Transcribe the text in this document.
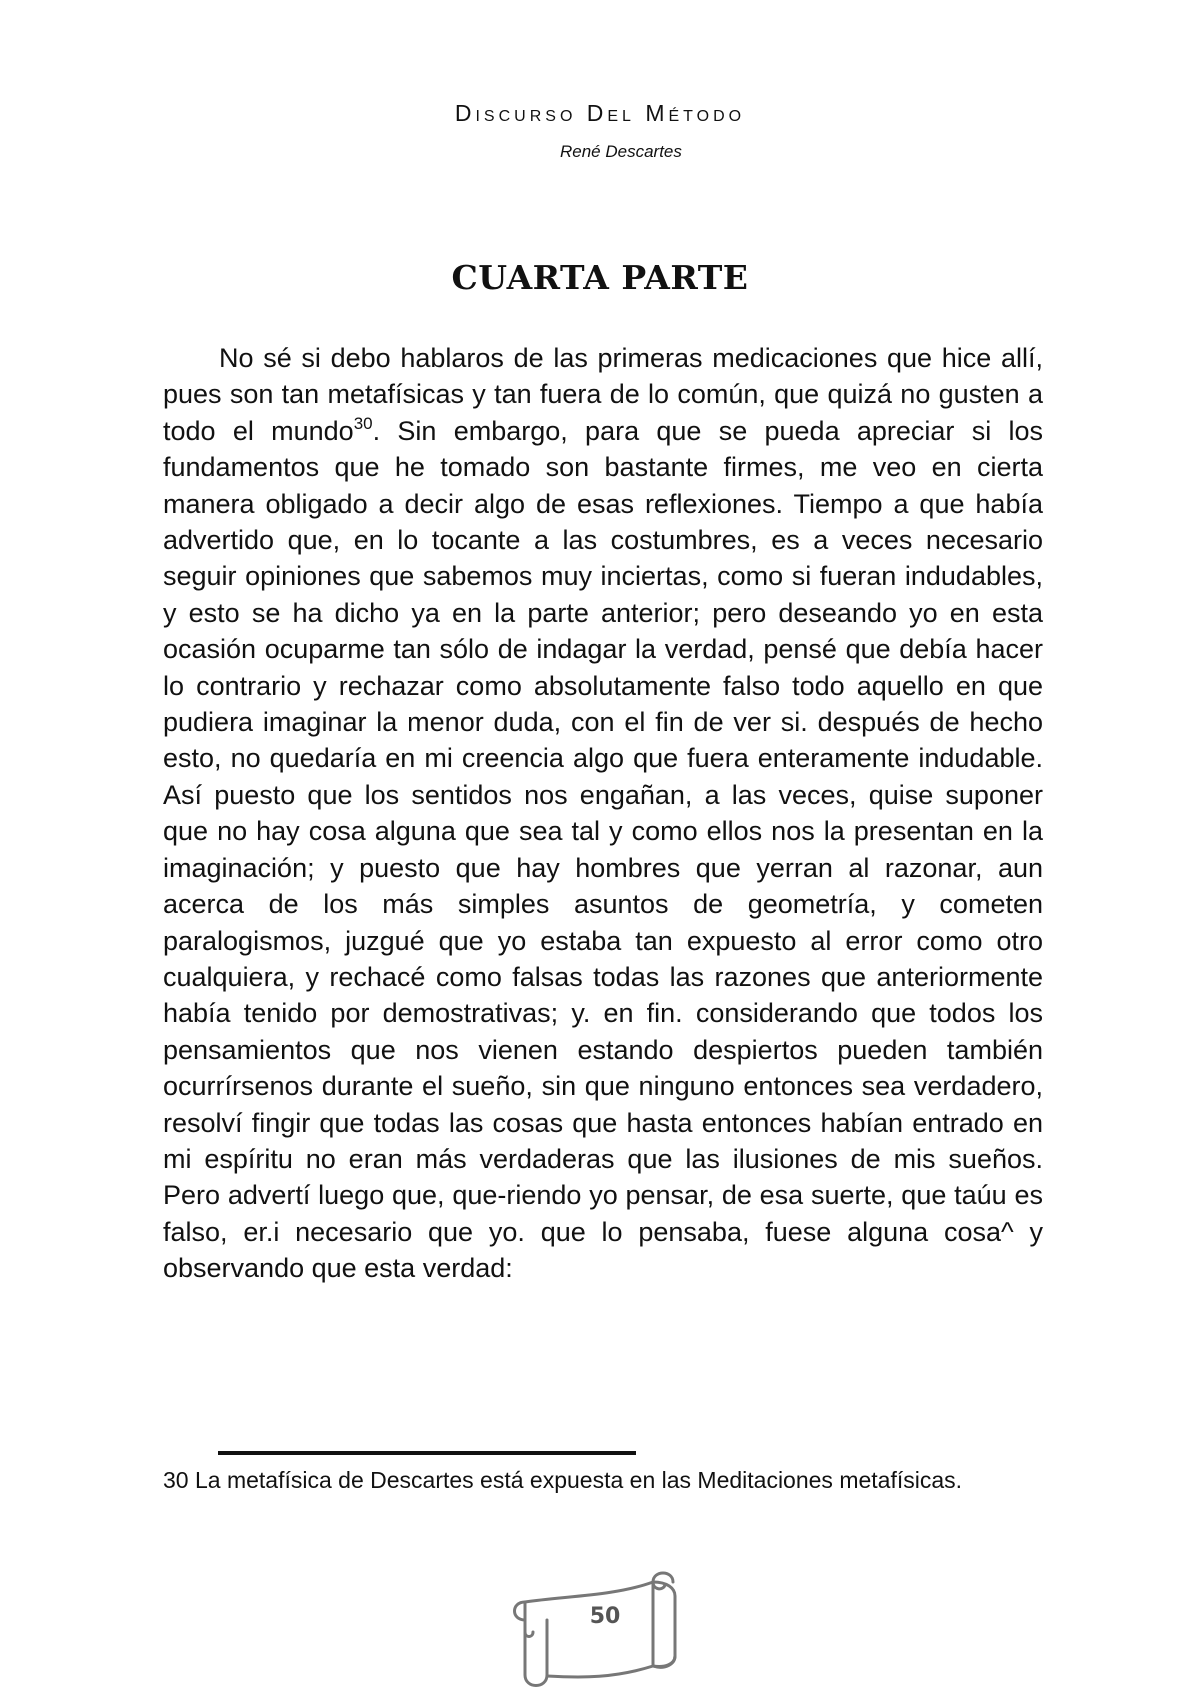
Discurso Del Método
René Descartes
CUARTA PARTE

No sé si debo hablaros de las primeras medicaciones que hice allí, pues son tan metafísicas y tan fuera de lo común, que quizá no gusten a todo el mundo$^{30}$. Sin embargo, para que se pueda apreciar si los fundamentos que he tomado son bastante firmes, me veo en cierta manera obligado a decir algo de esas reflexiones. Tiempo a que había advertido que, en lo tocante a las costumbres, es a veces necesario seguir opiniones que sabemos muy inciertas, como si fueran indudables, y esto se ha dicho ya en la parte anterior; pero deseando yo en esta ocasión ocuparme tan sólo de indagar la verdad, pensé que debía hacer lo contrario y rechazar como absolutamente falso todo aquello en que pudiera imaginar la menor duda, con el fin de ver si. después de hecho esto, no quedaría en mi creencia algo que fuera enteramente indudable. Así puesto que los sentidos nos engañan, a las veces, quise suponer que no hay cosa alguna que sea tal y como ellos nos la presentan en la imaginación; y puesto que hay hombres que yerran al razonar, aun acerca de los más simples asuntos de geometría, y cometen paralogismos, juzgué que yo estaba tan expuesto al error como otro cualquiera, y rechacé como falsas todas las razones que anteriormente había tenido por demostrativas; y. en fin. considerando que todos los pensamientos que nos vienen estando despiertos pueden también ocurrírsenos durante el sueño, sin que ninguno entonces sea verdadero, resolví fingir que todas las cosas que hasta entonces habían entrado en mi espíritu no eran más verdaderas que las ilusiones de mis sueños. Pero advertí luego que, que-riendo yo pensar, de esa suerte, que taúu es falso, er.i necesario que yo. que lo pensaba, fuese alguna cosa^ y observando que esta verdad:

30 La metafísica de Descartes está expuesta en las Meditaciones metafísicas.

50
